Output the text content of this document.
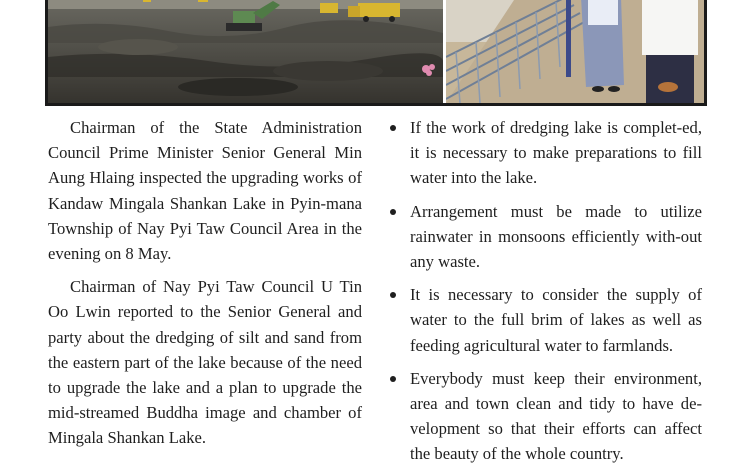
Chairman of the State Administration Council Prime Minister Senior General Min Aung Hlaing inspected the upgrading works of Kandaw Mingala Shankan Lake in Pyin-mana Township of Nay Pyi Taw Council Area in the evening on 8 May.

Chairman of Nay Pyi Taw Council U Tin Oo Lwin reported to the Senior General and party about the dredging of silt and sand from the eastern part of the lake because of the need to upgrade the lake and a plan to upgrade the mid-streamed Buddha image and chamber of Mingala Shankan Lake.

If the work of dredging lake is complet-ed, it is necessary to make preparations to fill water into the lake.
Arrangement must be made to utilize rainwater in monsoons efficiently with-out any waste.
It is necessary to consider the supply of water to the full brim of lakes as well as feeding agricultural water to farmlands.
Everybody must keep their environment, area and town clean and tidy to have de-velopment so that their efforts can affect the beauty of the whole country.
